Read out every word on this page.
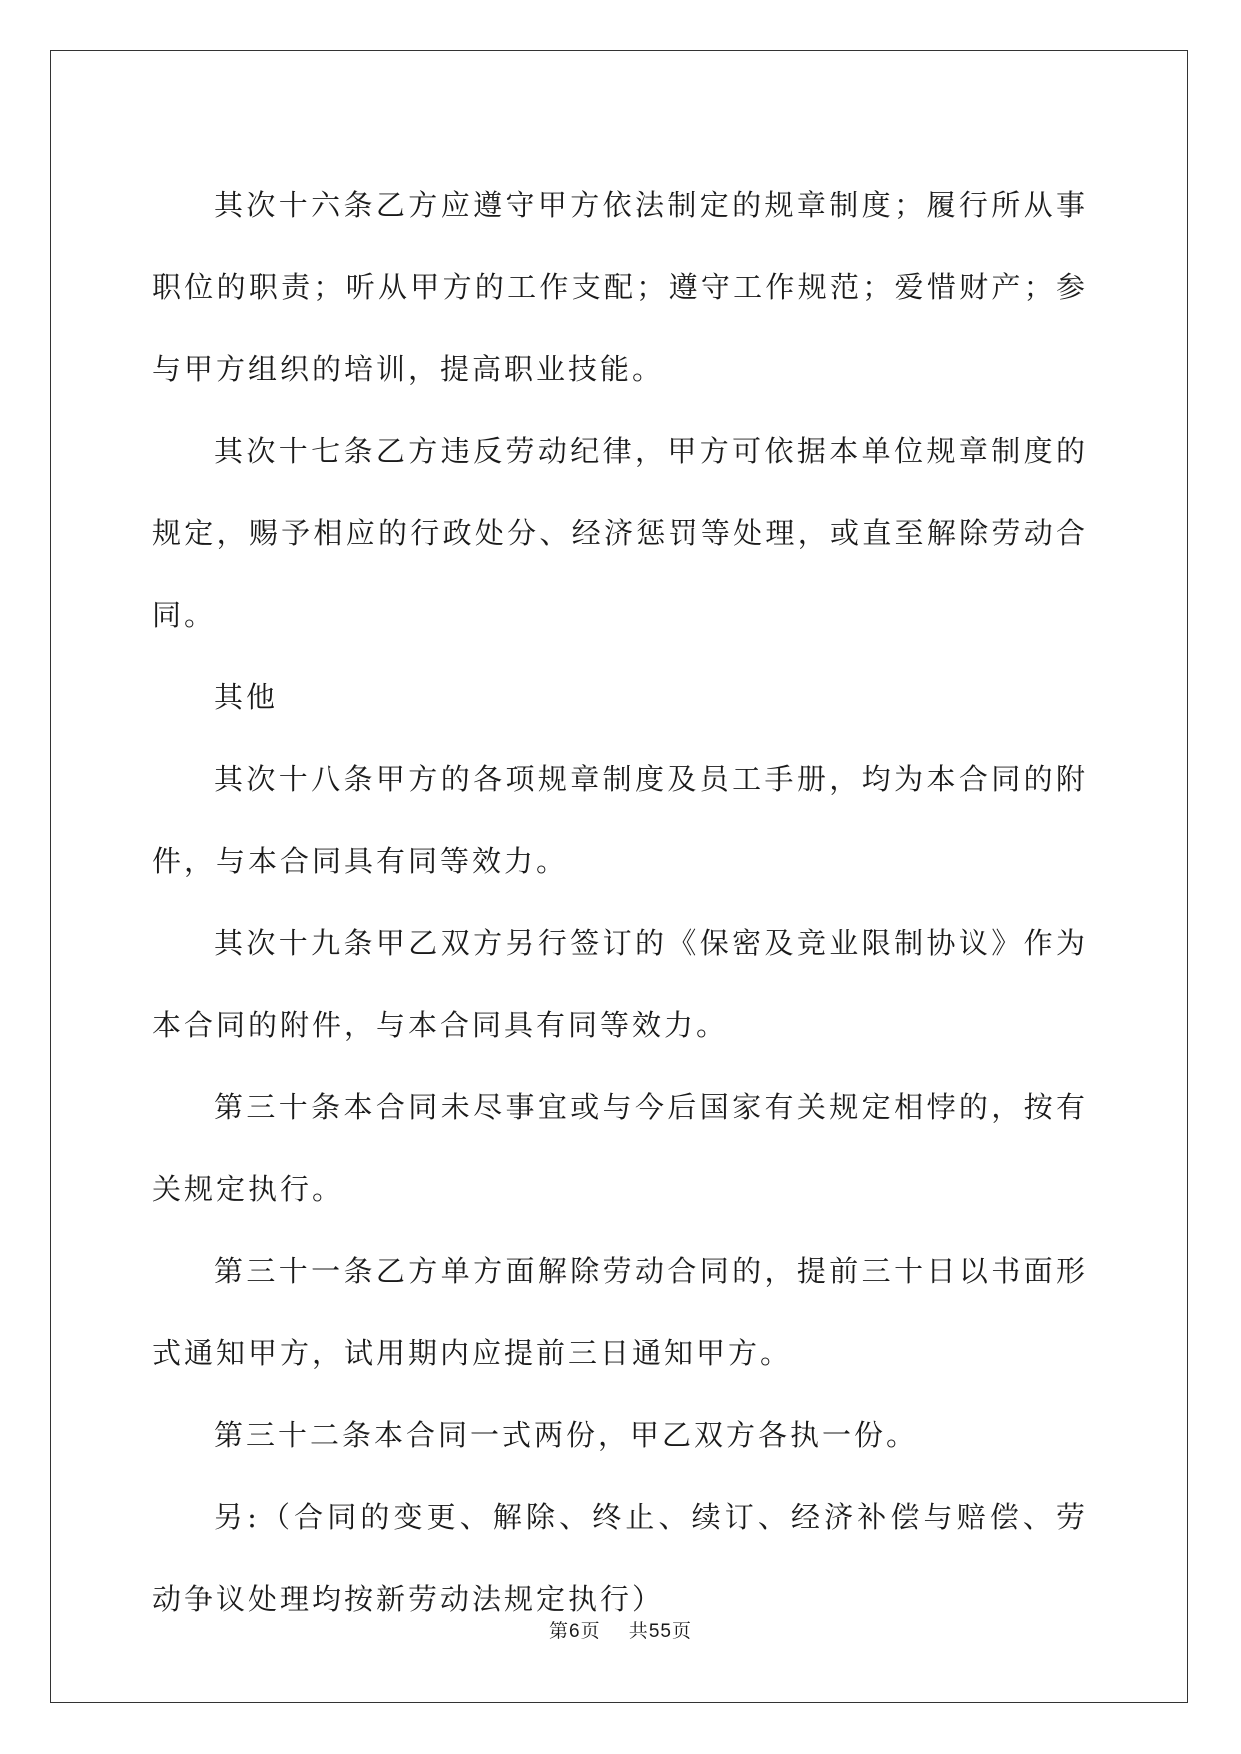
其次十六条乙方应遵守甲方依法制定的规章制度；履行所从事职位的职责；听从甲方的工作支配；遵守工作规范；爱惜财产；参与甲方组织的培训，提高职业技能。

其次十七条乙方违反劳动纪律，甲方可依据本单位规章制度的规定，赐予相应的行政处分、经济惩罚等处理，或直至解除劳动合同。

其他

其次十八条甲方的各项规章制度及员工手册，均为本合同的附件，与本合同具有同等效力。

其次十九条甲乙双方另行签订的《保密及竞业限制协议》作为本合同的附件，与本合同具有同等效力。

第三十条本合同未尽事宜或与今后国家有关规定相悖的，按有关规定执行。

第三十一条乙方单方面解除劳动合同的，提前三十日以书面形式通知甲方，试用期内应提前三日通知甲方。

第三十二条本合同一式两份，甲乙双方各执一份。

另:（合同的变更、解除、终止、续订、经济补偿与赔偿、劳动争议处理均按新劳动法规定执行）

第6页 共55页
